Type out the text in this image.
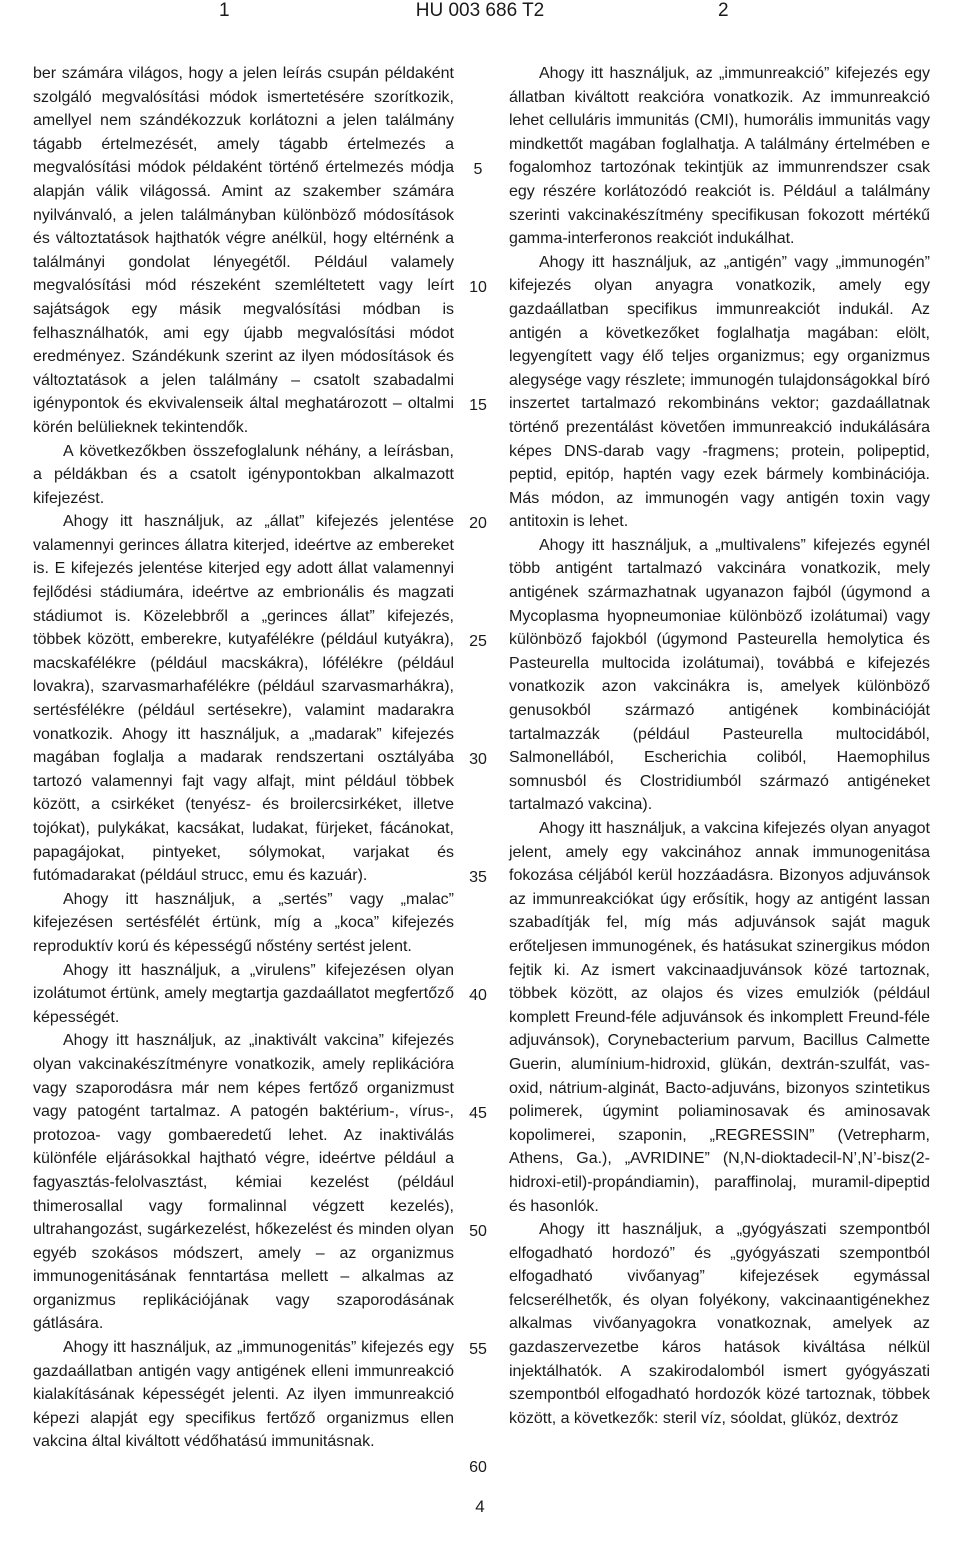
1	HU 003 686 T2	2

ber számára világos, hogy a jelen leírás csupán példaként szolgáló megvalósítási módok ismertetésére szorítkozik, amellyel nem szándékozzuk korlátozni a jelen találmány tágabb értelmezését, amely tágabb értelmezés a megvalósítási módok példaként történő értelmezés módja alapján válik világossá. Amint az szakember számára nyilvánvaló, a jelen találmányban különböző módosítások és változtatások hajthatók végre anélkül, hogy eltérnénk a találmányi gondolat lényegétől. Például valamely megvalósítási mód részeként szemléltetett vagy leírt sajátságok egy másik megvalósítási módban is felhasználhatók, ami egy újabb megvalósítási módot eredményez. Szándékunk szerint az ilyen módosítások és változtatások a jelen találmány – csatolt szabadalmi igénypontok és ekvivalenseik által meghatározott – oltalmi körén belülieknek tekintendők.

A következőkben összefoglalunk néhány, a leírásban, a példákban és a csatolt igénypontokban alkalmazott kifejezést.

Ahogy itt használjuk, az „állat” kifejezés jelentése valamennyi gerinces állatra kiterjed, ideértve az embereket is. E kifejezés jelentése kiterjed egy adott állat valamennyi fejlődési stádiumára, ideértve az embrionális és magzati stádiumot is. Közelebbről a „gerinces állat” kifejezés, többek között, emberekre, kutyafélékre (például kutyákra), macskafélékre (például macskákra), lófélékre (például lovakra), szarvasmarhafélékre (például szarvasmarhákra), sertésfélékre (például sertésekre), valamint madarakra vonatkozik. Ahogy itt használjuk, a „madarak” kifejezés magában foglalja a madarak rendszertani osztályába tartozó valamennyi fajt vagy alfajt, mint például többek között, a csirkéket (tenyész- és broilercsirkéket, illetve tojókat), pulykákat, kacsákat, ludakat, fürjeket, fácánokat, papagájokat, pintyeket, sólymokat, varjakat és futómadarakat (például strucc, emu és kazuár).

Ahogy itt használjuk, a „sertés” vagy „malac” kifejezésen sertésfélét értünk, míg a „koca” kifejezés reproduktív korú és képességű nőstény sertést jelent.

Ahogy itt használjuk, a „virulens” kifejezésen olyan izolátumot értünk, amely megtartja gazdaállatot megfertőző képességét.

Ahogy itt használjuk, az „inaktivált vakcina” kifejezés olyan vakcinakészítményre vonatkozik, amely replikációra vagy szaporodásra már nem képes fertőző organizmust vagy patogént tartalmaz. A patogén baktérium-, vírus-, protozoa- vagy gombaeredetű lehet. Az inaktiválás különféle eljárásokkal hajtható végre, ideértve például a fagyasztás-felolvasztást, kémiai kezelést (például thimerosallal vagy formalinnal végzett kezelés), ultrahangozást, sugárkezelést, hőkezelést és minden olyan egyéb szokásos módszert, amely – az organizmus immunogenitásának fenntartása mellett – alkalmas az organizmus replikációjának vagy szaporodásának gátlására.

Ahogy itt használjuk, az „immunogenitás” kifejezés egy gazdaállatban antigén vagy antigének elleni immunreakció kialakításának képességét jelenti. Az ilyen immunreakció képezi alapját egy specifikus fertőző organizmus ellen vakcina által kiváltott védőhatású immunitásnak.

Ahogy itt használjuk, az „immunreakció” kifejezés egy állatban kiváltott reakcióra vonatkozik. Az immunreakció lehet celluláris immunitás (CMI), humorális immunitás vagy mindkettőt magában foglalhatja. A találmány értelmében e fogalomhoz tartozónak tekintjük az immunrendszer csak egy részére korlátozódó reakciót is. Például a találmány szerinti vakcinakészítmény specifikusan fokozott mértékű gamma-interferonos reakciót indukálhat.

Ahogy itt használjuk, az „antigén” vagy „immunogén” kifejezés olyan anyagra vonatkozik, amely egy gazdaállatban specifikus immunreakciót indukál. Az antigén a következőket foglalhatja magában: elölt, legyengített vagy élő teljes organizmus; egy organizmus alegysége vagy részlete; immunogén tulajdonságokkal bíró inszertet tartalmazó rekombináns vektor; gazdaállatnak történő prezentálást követően immunreakció indukálására képes DNS-darab vagy -fragmens; protein, polipeptid, peptid, epitóp, haptén vagy ezek bármely kombinációja. Más módon, az immunogén vagy antigén toxin vagy antitoxin is lehet.

Ahogy itt használjuk, a „multivalens” kifejezés egynél több antigént tartalmazó vakcinára vonatkozik, mely antigének származhatnak ugyanazon fajból (úgymond a Mycoplasma hyopneumoniae különböző izolátumai) vagy különböző fajokból (úgymond Pasteurella hemolytica és Pasteurella multocida izolátumai), továbbá e kifejezés vonatkozik azon vakcinákra is, amelyek különböző genusokból származó antigének kombinációját tartalmazzák (például Pasteurella multocidából, Salmonellából, Escherichia coliból, Haemophilus somnusból és Clostridiumból származó antigéneket tartalmazó vakcina).

Ahogy itt használjuk, a vakcina kifejezés olyan anyagot jelent, amely egy vakcinához annak immunogenitása fokozása céljából kerül hozzáadásra. Bizonyos adjuvánsok az immunreakciókat úgy erősítik, hogy az antigént lassan szabadítják fel, míg más adjuvánsok saját maguk erőteljesen immunogének, és hatásukat szinergikus módon fejtik ki. Az ismert vakcinaadjuvánsok közé tartoznak, többek között, az olajos és vizes emulziók (például komplett Freund-féle adjuvánsok és inkomplett Freund-féle adjuvánsok), Corynebacterium parvum, Bacillus Calmette Guerin, alumínium-hidroxid, glükán, dextrán-szulfát, vas-oxid, nátrium-alginát, Bacto-adjuváns, bizonyos szintetikus polimerek, úgymint poliaminosavak és aminosavak kopolimerei, szaponin, „REGRESSIN” (Vetrepharm, Athens, Ga.), „AVRIDINE” (N,N-dioktadecil-N’,N’-bisz(2-hidroxi-etil)-propándiamin), paraffinolaj, muramil-dipeptid és hasonlók.

Ahogy itt használjuk, a „gyógyászati szempontból elfogadható hordozó” és „gyógyászati szempontból elfogadható vivőanyag” kifejezések egymással felcserélhetők, és olyan folyékony, vakcinaantigénekhez alkalmas vivőanyagokra vonatkoznak, amelyek az gazdaszervezetbe káros hatások kiváltása nélkül injektálhatók. A szakirodalomból ismert gyógyászati szempontból elfogadható hordozók közé tartoznak, többek között, a következők: steril víz, sóoldat, glükóz, dextróz

5
10
15
20
25
30
35
40
45
50
55
60
4
